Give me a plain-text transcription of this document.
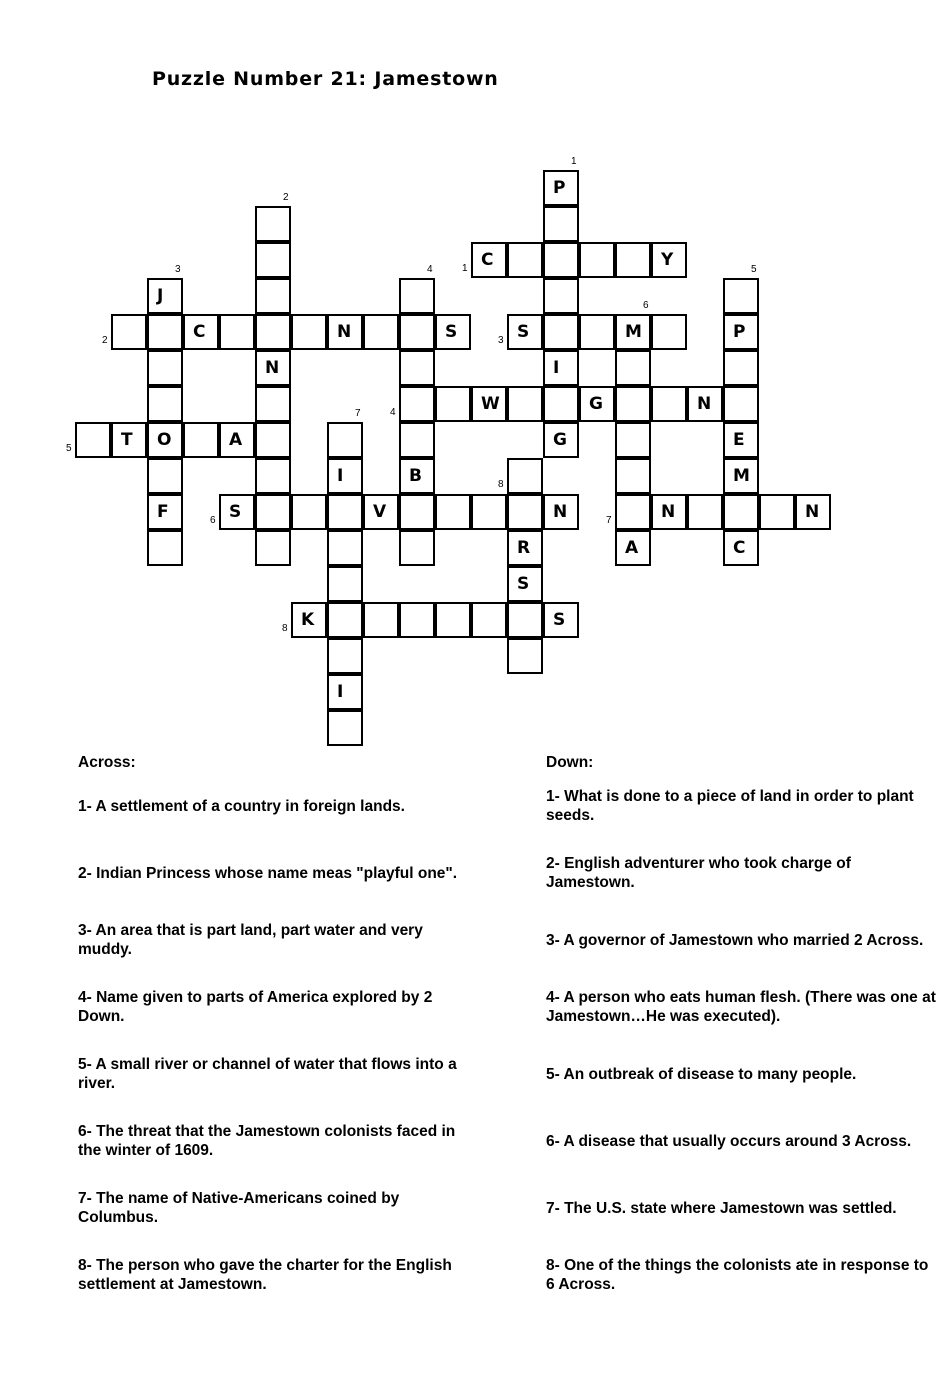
Puzzle Number 21: Jamestown
P
C	Y
N
J
O
F
C	N	S
B
S	M
I
G
W	G	N
A
P
E
M
C
T	A
I
I
S	V	N
R
S
N	N
K	S
1
1
2
2
3
3
4
4
5
5
6
6
7
7
8
8
Across:	Down:
1- A settlement of a country in foreign lands.
2- Indian Princess whose name meas "playful one".
3- An area that is part land, part water and very muddy.
4- Name given to parts of America explored by 2 Down.
5- A small river or channel of water that flows into a river.
6- The threat that the Jamestown colonists faced in the winter of 1609.
7- The name of Native-Americans coined by Columbus.
8- The person who gave the charter for the English settlement at Jamestown.
1- What is done to a piece of land in order to plant seeds.
2- English adventurer who took charge of Jamestown.
3- A governor of Jamestown who married 2 Across.
4- A person who eats human flesh. (There was one at Jamestown…He was executed).
5- An outbreak of disease to many people.
6- A disease that usually occurs around 3 Across.
7- The U.S. state where Jamestown was settled.
8- One of the things the colonists ate in response to 6 Across.
